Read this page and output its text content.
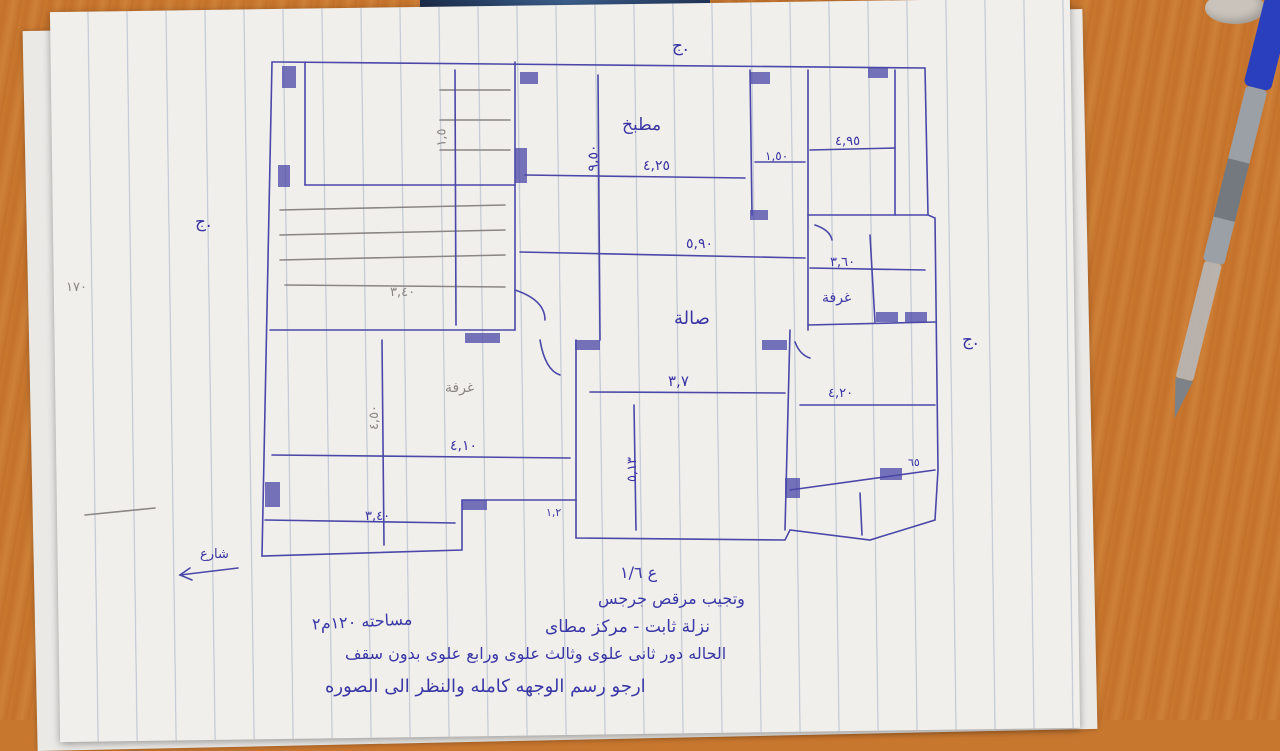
مطبخ
صالة
غرفة
غرفة
ج.
ج.
ج.
شارع
٩,٥٠	٤,٢٥
١,٥٠
٤,٩٥
٥,٩٠
٣,٦٠
٣,٧
٤,٢٠
٤,١٠
٣,٤٠
٣,٤٠
٤,٥٠
٥,١٣
١,٥
١,٢
٦٥
١٧٠
ع ١/٦
وتجيب مرقص جرجس
نزلة ثابت - مركز مطاى
مساحته ١٢٠م٢
الحاله دور ثانى علوى وثالث علوى ورابع علوى بدون سقف
ارجو رسم الوجهه كامله والنظر الى الصوره
